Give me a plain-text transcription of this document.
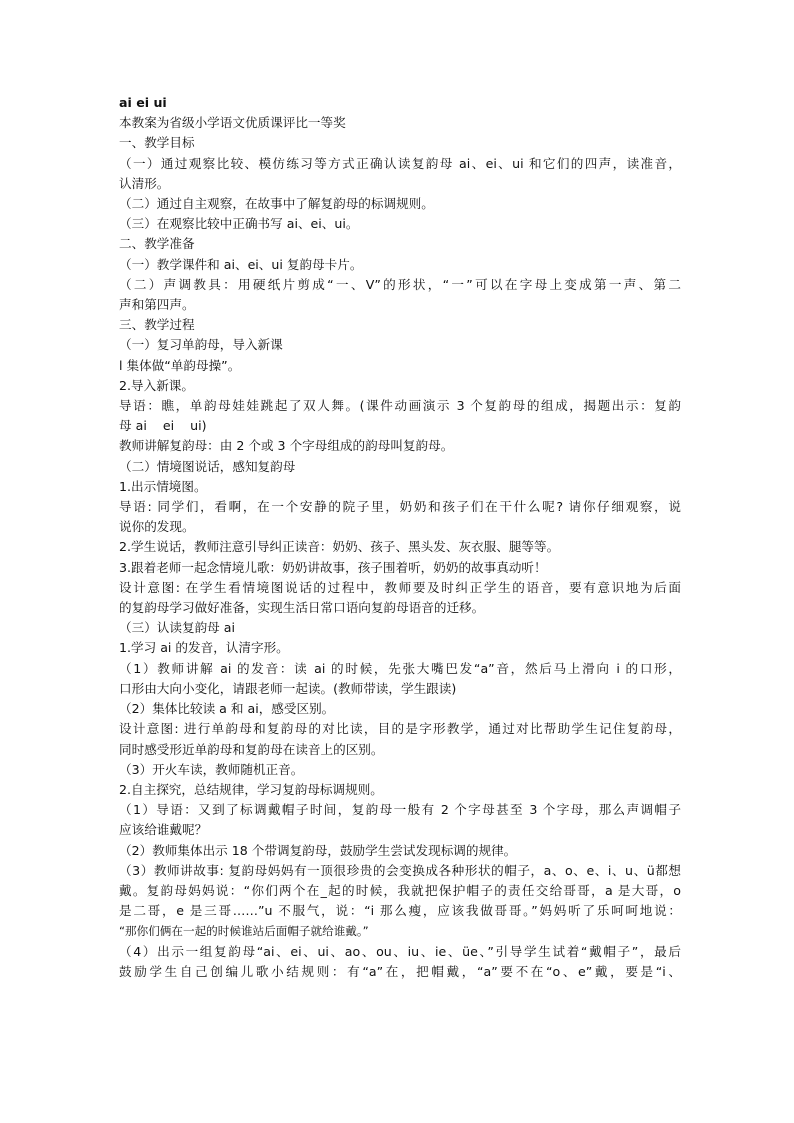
ai ei ui
本教案为省级小学语文优质课评比一等奖
一、教学目标
（一）通过观察比较、模仿练习等方式正确认读复韵母 ai、ei、ui 和它们的四声，读准音，
认清形。
（二）通过自主观察，在故事中了解复韵母的标调规则。
（三）在观察比较中正确书写 ai、ei、ui。
二、教学准备
（一）教学课件和 ai、ei、ui 复韵母卡片。
（二）声调教具：用硬纸片剪成“一、V”的形状，“一”可以在字母上变成第一声、第二
声和第四声。
三、教学过程
（一）复习单韵母，导入新课
l 集体做“单韵母操”。
2.导入新课。
导语：瞧，单韵母娃娃跳起了双人舞。(课件动画演示 3 个复韵母的组成，揭题出示：复韵
母 ai    ei    ui)
教师讲解复韵母：由 2 个或 3 个字母组成的韵母叫复韵母。
（二）情境图说话，感知复韵母
1.出示情境图。
导语: 同学们，看啊，在一个安静的院子里，奶奶和孩子们在干什么呢? 请你仔细观察，说
说你的发现。
2.学生说话，教师注意引导纠正读音：奶奶、孩子、黑头发、灰衣服、腿等等。
3.跟着老师一起念情境儿歌：奶奶讲故事，孩子围着听，奶奶的故事真动听！
设计意图: 在学生看情境图说话的过程中，教师要及时纠正学生的语音，要有意识地为后面
的复韵母学习做好准备，实现生活日常口语向复韵母语音的迁移。
（三）认读复韵母 ai
1.学习 ai 的发音，认清字形。
（1）教师讲解 ai 的发音：读 ai 的时候，先张大嘴巴发“a”音，然后马上滑向 i 的口形，
口形由大向小变化，请跟老师一起读。(教师带读，学生跟读)
（2）集体比较读 a 和 ai，感受区别。
设计意图: 进行单韵母和复韵母的对比读，目的是字形教学，通过对比帮助学生记住复韵母，
同时感受形近单韵母和复韵母在读音上的区别。
（3）开火车读，教师随机正音。
2.自主探究，总结规律，学习复韵母标调规则。
（1）导语：又到了标调戴帽子时间，复韵母一般有 2 个字母甚至 3 个字母，那么声调帽子
应该给谁戴呢？
（2）教师集体出示 18 个带调复韵母，鼓励学生尝试发现标调的规律。
（3）教师讲故事: 复韵母妈妈有一顶很珍贵的会变换成各种形状的帽子，a、o、e、i、u、ü都想
戴。复韵母妈妈说：“你们两个在_起的时候，我就把保护帽子的责任交给哥哥，a 是大哥，o
是二哥，e 是三哥……”u 不服气，说：“i 那么瘦，应该我做哥哥。”妈妈听了乐呵呵地说：
“那你们俩在一起的时候谁站后面帽子就给谁戴。”
（4）出示一组复韵母“ai、ei、ui、ao、ou、iu、ie、üe、”引导学生试着“戴帽子”，最后
鼓励学生自己创编儿歌小结规则：有“a”在，把帽戴，“a”要不在“o、e”戴，要是“i、
